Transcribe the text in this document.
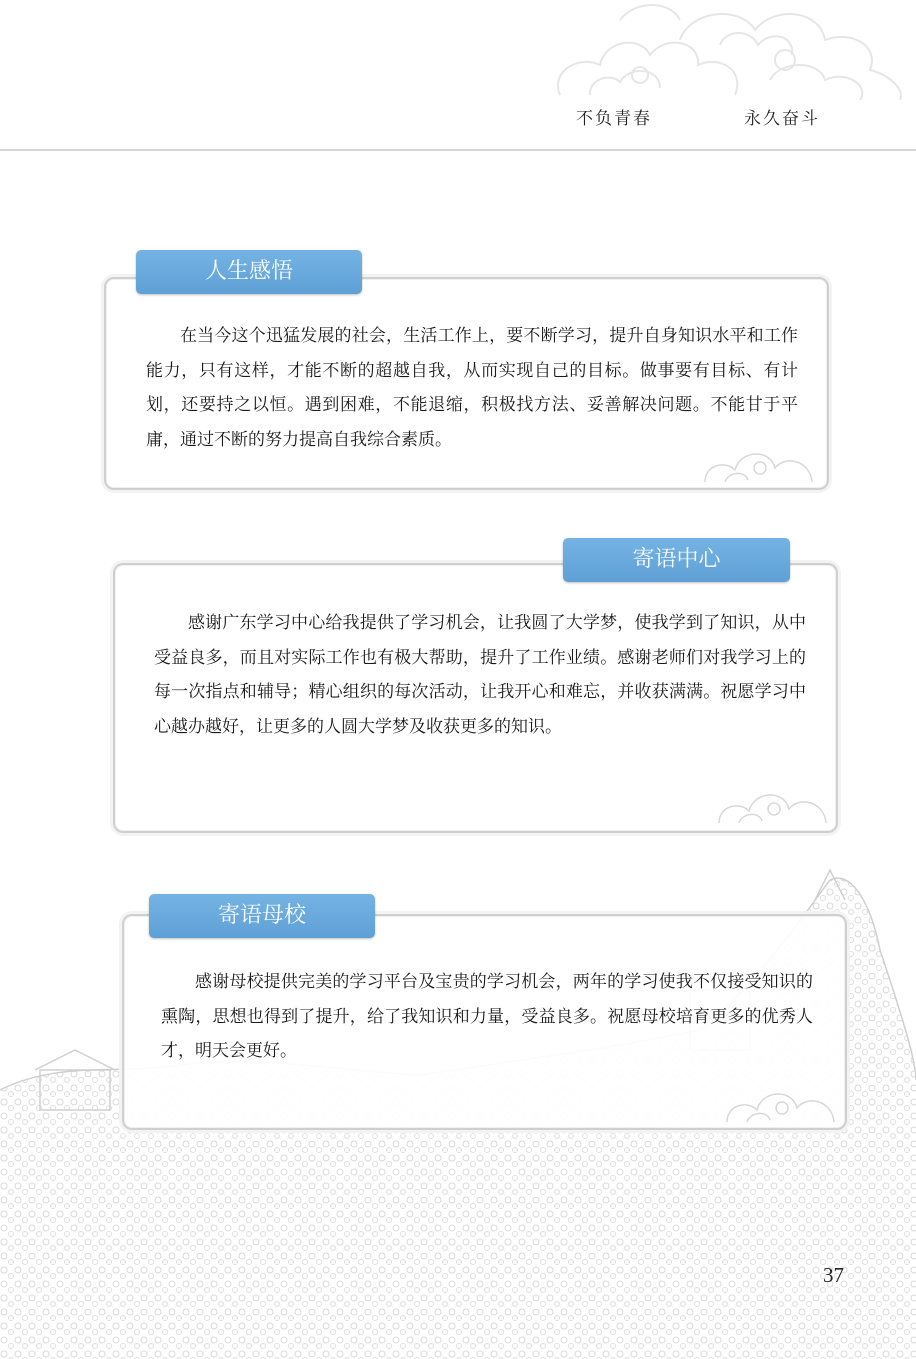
不负青春	永久奋斗
人生感悟

在当今这个迅猛发展的社会，生活工作上，要不断学习，提升自身知识水平和工作能力，只有这样，才能不断的超越自我，从而实现自己的目标。做事要有目标、有计划，还要持之以恒。遇到困难，不能退缩，积极找方法、妥善解决问题。不能甘于平庸，通过不断的努力提高自我综合素质。

寄语中心

感谢广东学习中心给我提供了学习机会，让我圆了大学梦，使我学到了知识，从中受益良多，而且对实际工作也有极大帮助，提升了工作业绩。感谢老师们对我学习上的每一次指点和辅导；精心组织的每次活动，让我开心和难忘，并收获满满。祝愿学习中心越办越好，让更多的人圆大学梦及收获更多的知识。

寄语母校

感谢母校提供完美的学习平台及宝贵的学习机会，两年的学习使我不仅接受知识的熏陶，思想也得到了提升，给了我知识和力量，受益良多。祝愿母校培育更多的优秀人才，明天会更好。

37
